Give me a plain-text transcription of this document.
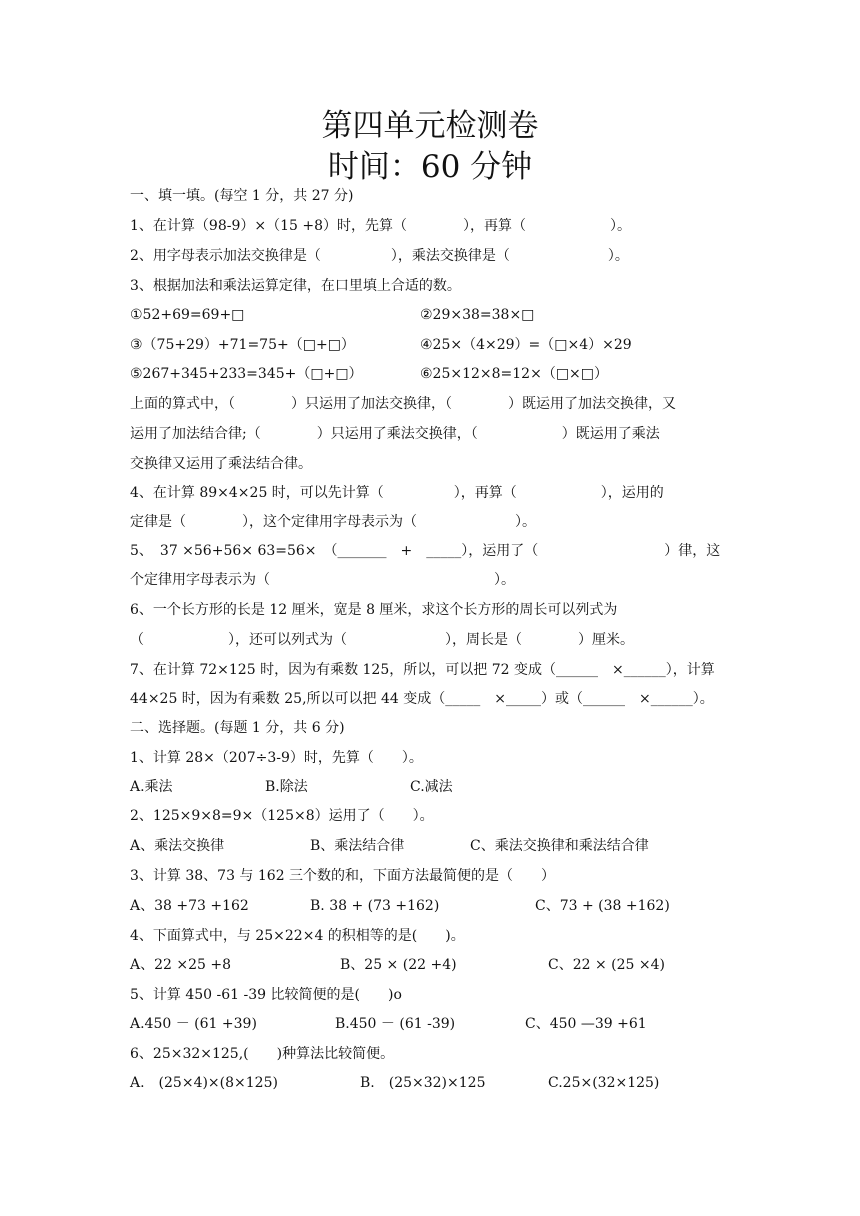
第四单元检测卷
时间：60 分钟
一、填一填。(每空 1 分，共 27 分)
1、在计算（98-9）×（15 +8）时，先算（　　　　），再算（　　　　　　）。
2、用字母表示加法交换律是（　　　　　），乘法交换律是（　　　　　　　）。
3、根据加法和乘法运算定律，在口里填上合适的数。
①52+69=69+□	②29×38=38×□
③（75+29）+71=75+（□+□）	④25×（4×29）=（□×4）×29
⑤267+345+233=345+（□+□）	⑥25×12×8=12×（□×□）
上面的算式中，（　　　　）只运用了加法交换律，（　　　　）既运用了加法交换律，又
运用了加法结合律;（　　　　）只运用了乘法交换律，（　　　　　　）既运用了乘法
交换律又运用了乘法结合律。
4、在计算 89×4×25 时，可以先计算（　　　　　），再算（　　　　　　），运用的
定律是（　　　　），这个定律用字母表示为（　　　　　　　）。
5、　37 ×56+56× 63=56×　（_______　+　_____），运用了（　　　　　　　　　）律，这
个定律用字母表示为（　　　　　　　　　　　　　　　　）。
6、一个长方形的长是 12 厘米，宽是 8 厘米，求这个长方形的周长可以列式为
（　　　　　　），还可以列式为（　　　　　　　），周长是（　　　　）厘米。
7、在计算 72×125 时，因为有乘数 125，所以，可以把 72 变成（______　×______），计算
44×25 时，因为有乘数 25,所以可以把 44 变成（_____　×_____）或（______　×______）。
二、选择题。(每题 1 分，共 6 分)
1、计算 28×（207÷3-9）时，先算（　　）。
A.乘法	B.除法	C.减法
2、125×9×8=9×（125×8）运用了（　　）。
A、乘法交换律	B、乘法结合律	C、乘法交换律和乘法结合律
3、计算 38、73 与 162 三个数的和，下面方法最简便的是（　　）
A、38 +73 +162	B. 38 + (73 +162)	C、73 + (38 +162)
4、下面算式中，与 25×22×4 的积相等的是(　　)。
A、22 ×25 +8	B、25 × (22 +4)	C、22 × (25 ×4)
5、计算 450 -61 -39 比较简便的是(　　)o
A.450 － (61 +39)	B.450 － (61 -39)	C、450 —39 +61
6、25×32×125,(　　)种算法比较简便。
A.　(25×4)×(8×125)	B.　(25×32)×125	C.25×(32×125)
